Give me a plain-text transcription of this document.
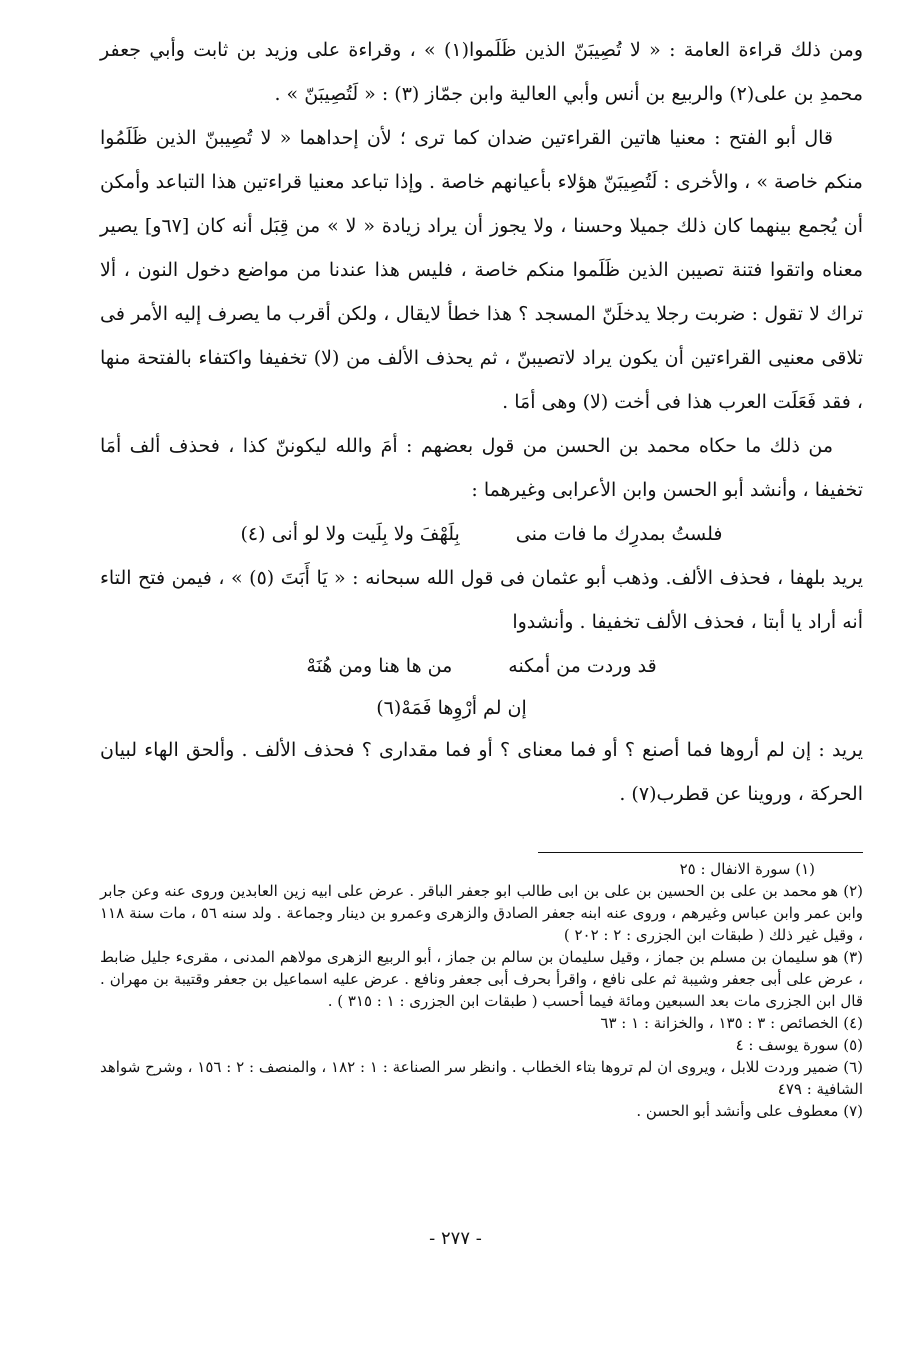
ومن ذلك قراءة العامة : « لا تُصِيبَنّ الذين ظَلَموا(١) » ، وقراءة على وزيد بن ثابت وأبي جعفر محمدِ بن على(٢) والربيع بن أنس وأبي العالية وابن جمّاز (٣) : « لَتُصِيبَنّ » .

قال أبو الفتح : معنيا هاتين القراءتين ضدان كما ترى ؛ لأن إحداهما « لا تُصِيبنّ الذين ظَلَمُوا منكم خاصة » ، والأخرى : لَتُصِيبَنّ هؤلاء بأعيانهم خاصة . وإذا تباعد معنيا قراءتين هذا التباعد وأمكن أن يُجمع بينهما كان ذلك جميلا وحسنا ، ولا يجوز أن يراد زيادة « لا » من قِبَل أنه كان [٦٧و] يصير معناه واتقوا فتنة تصيبن الذين ظَلَموا منكم خاصة ، فليس هذا عندنا من مواضع دخول النون ، ألا تراك لا تقول : ضربت رجلا يدخلَنّ المسجد ؟ هذا خطأ لايقال ، ولكن أقرب ما يصرف إليه الأمر فى تلاقى معنيى القراءتين أن يكون يراد لاتصيبنّ ، ثم يحذف الألف من (لا) تخفيفا واكتفاء بالفتحة منها ، فقد فَعَلَت العرب هذا فى أخت (لا) وهى أمَا .

من ذلك ما حكاه محمد بن الحسن من قول بعضهم : أمَ والله ليكوننّ كذا ، فحذف ألف أمَا تخفيفا ، وأنشد أبو الحسن وابن الأعرابى وغيرهما :

فلستُ بمدرِك ما فات منى
بِلَهْفَ ولا بِلَيت ولا لو أنى (٤)

يريد بلهفا ، فحذف الألف. وذهب أبو عثمان فى قول الله سبحانه : « يَا أَبَتَ (٥) » ، فيمن فتح التاء أنه أراد يا أبتا ، فحذف الألف تخفيفا . وأنشدوا

قد وردت من أمكنه
من ها هنا ومن هُنَهْ

إن لم أرْوِها فَمَهْ(٦)

يريد : إن لم أروها فما أصنع ؟ أو فما معناى ؟ أو فما مقدارى ؟ فحذف الألف . وألحق الهاء لبيان الحركة ، وروينا عن قطرب(٧) .

(١) سورة الانفال : ٢٥

(٢) هو محمد بن على بن الحسين بن على بن ابى طالب ابو جعفر الباقر . عرض على ابيه زين العابدين وروى عنه وعن جابر وابن عمر وابن عباس وغيرهم ، وروى عنه ابنه جعفر الصادق والزهرى وعمرو بن دينار وجماعة . ولد سنه ٥٦ ، مات سنة ١١٨ ، وقيل غير ذلك ( طبقات ابن الجزرى : ٢ : ٢٠٢ )

(٣) هو سليمان بن مسلم بن جماز ، وقيل سليمان بن سالم بن جماز ، أبو الربيع الزهرى مولاهم المدنى ، مقرىء جليل ضابط ، عرض على أبى جعفر وشيبة ثم على نافع ، واقرأ بحرف أبى جعفر ونافع . عرض عليه اسماعيل بن جعفر وقتيبة بن مهران . قال ابن الجزرى مات بعد السبعين ومائة فيما أحسب ( طبقات ابن الجزرى : ١ : ٣١٥ ) .

(٤) الخصائص : ٣ : ١٣٥ ، والخزانة : ١ : ٦٣

(٥) سورة يوسف : ٤

(٦) ضمير وردت للابل ، ويروى ان لم تروها بتاء الخطاب . وانظر سر الصناعة : ١ : ١٨٢ ، والمنصف : ٢ : ١٥٦ ، وشرح شواهد الشافية : ٤٧٩

(٧) معطوف على وأنشد أبو الحسن .

- ٢٧٧ -
